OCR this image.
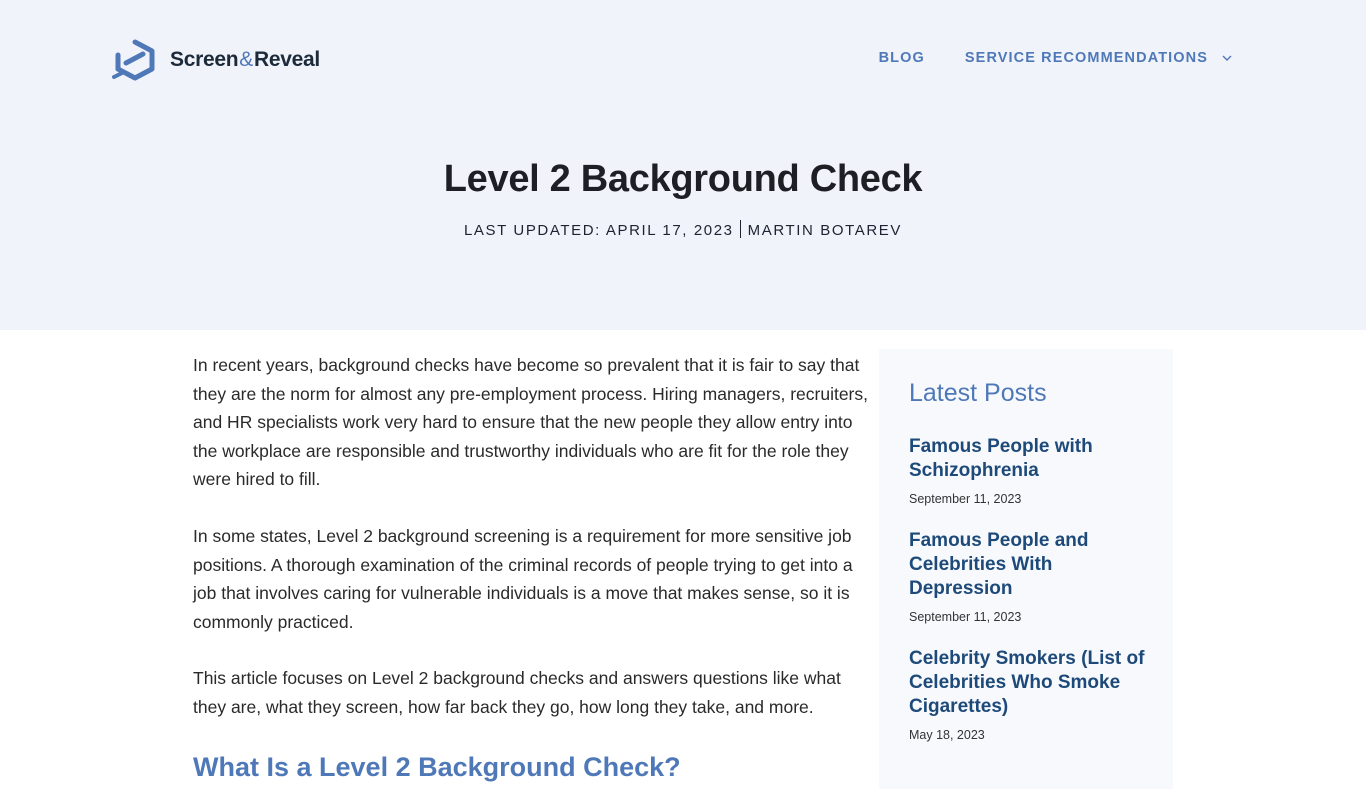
Screen&Reveal	BLOG	SERVICE RECOMMENDATIONS
Level 2 Background Check
LAST UPDATED: APRIL 17, 2023 MARTIN BOTAREV

In recent years, background checks have become so prevalent that it is fair to say that they are the norm for almost any pre-employment process. Hiring managers, recruiters, and HR specialists work very hard to ensure that the new people they allow entry into the workplace are responsible and trustworthy individuals who are fit for the role they were hired to fill.

In some states, Level 2 background screening is a requirement for more sensitive job positions. A thorough examination of the criminal records of people trying to get into a job that involves caring for vulnerable individuals is a move that makes sense, so it is commonly practiced.

This article focuses on Level 2 background checks and answers questions like what they are, what they screen, how far back they go, how long they take, and more.

What Is a Level 2 Background Check?
Latest Posts
Famous People with Schizophrenia
September 11, 2023
Famous People and Celebrities With Depression
September 11, 2023
Celebrity Smokers (List of Celebrities Who Smoke Cigarettes)
May 18, 2023
